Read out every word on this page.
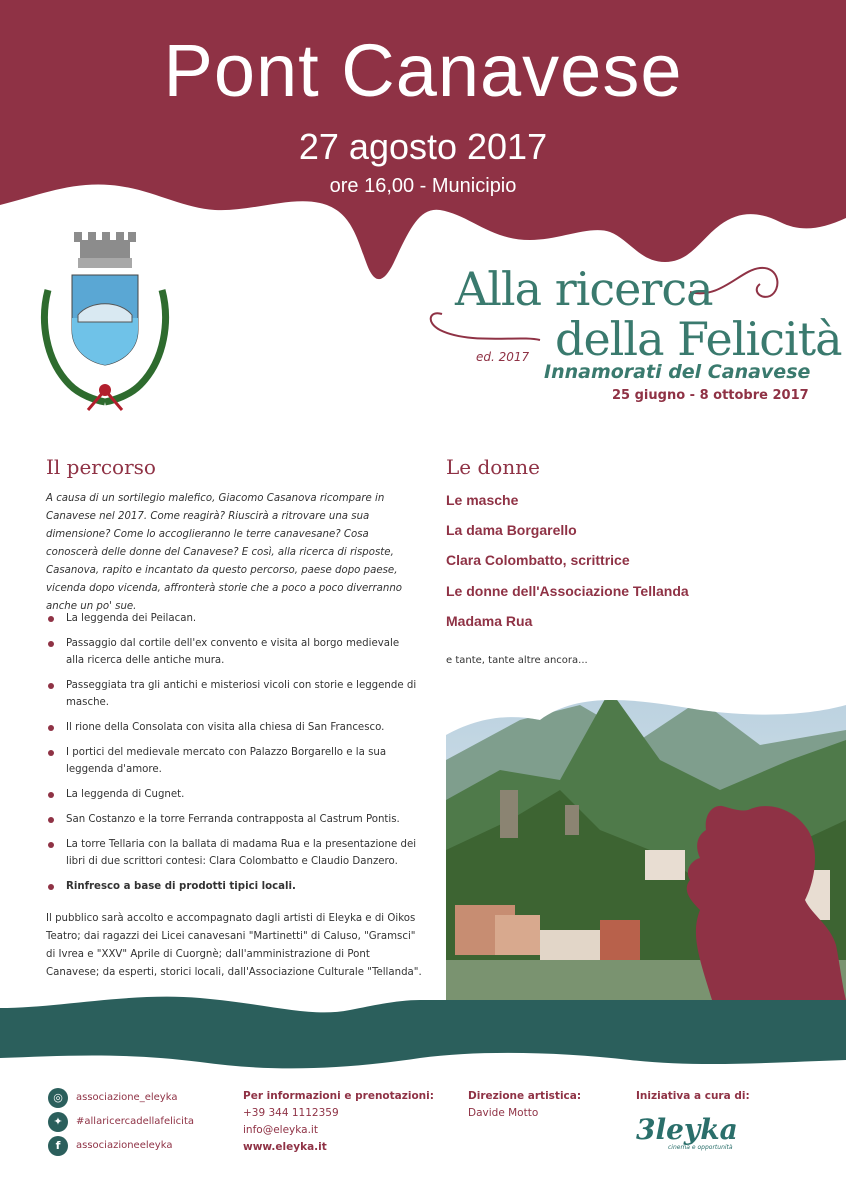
Pont Canavese
27 agosto 2017
ore 16,00 - Municipio
Alla ricerca
della Felicità
ed. 2017
Innamorati del Canavese
25 giugno - 8 ottobre 2017
Il percorso
A causa di un sortilegio malefico, Giacomo Casanova ricompare in Canavese nel 2017. Come reagirà? Riuscirà a ritrovare una sua dimensione? Come lo accoglieranno le terre canavesane? Cosa conoscerà delle donne del Canavese? E così, alla ricerca di risposte, Casanova, rapito e incantato da questo percorso, paese dopo paese, vicenda dopo vicenda, affronterà storie che a poco a poco diverranno anche un po' sue.
La leggenda dei Peilacan.
Passaggio dal cortile dell'ex convento e visita al borgo medievale alla ricerca delle antiche mura.
Passeggiata tra gli antichi e misteriosi vicoli con storie e leggende di masche.
Il rione della Consolata con visita alla chiesa di San Francesco.
I portici del medievale mercato con Palazzo Borgarello e la sua leggenda d'amore.
La leggenda di Cugnet.
San Costanzo e la torre Ferranda contrapposta al Castrum Pontis.
La torre Tellaria con la ballata di madama Rua e la presentazione dei libri di due scrittori contesi: Clara Colombatto e Claudio Danzero.
Rinfresco a base di prodotti tipici locali.
Il pubblico sarà accolto e accompagnato dagli artisti di Eleyka e di Oikos Teatro; dai ragazzi dei Licei canavesani "Martinetti" di Caluso, "Gramsci" di Ivrea e "XXV" Aprile di Cuorgnè; dall'amministrazione di Pont Canavese; da esperti, storici locali, dall'Associazione Culturale "Tellanda".
Le donne
Le masche
La dama Borgarello
Clara Colombatto, scrittrice
Le donne dell'Associazione Tellanda
Madama Rua
e tante, tante altre ancora...
◎	associazione_eleyka
✦	#allaricercadellafelicita
f	associazioneeleyka
Per informazioni e prenotazioni:
+39 344 1112359
info@eleyka.it
www.eleyka.it
Direzione artistica:
Davide Motto
Iniziativa a cura di:
3leyka
cinema e opportunità
